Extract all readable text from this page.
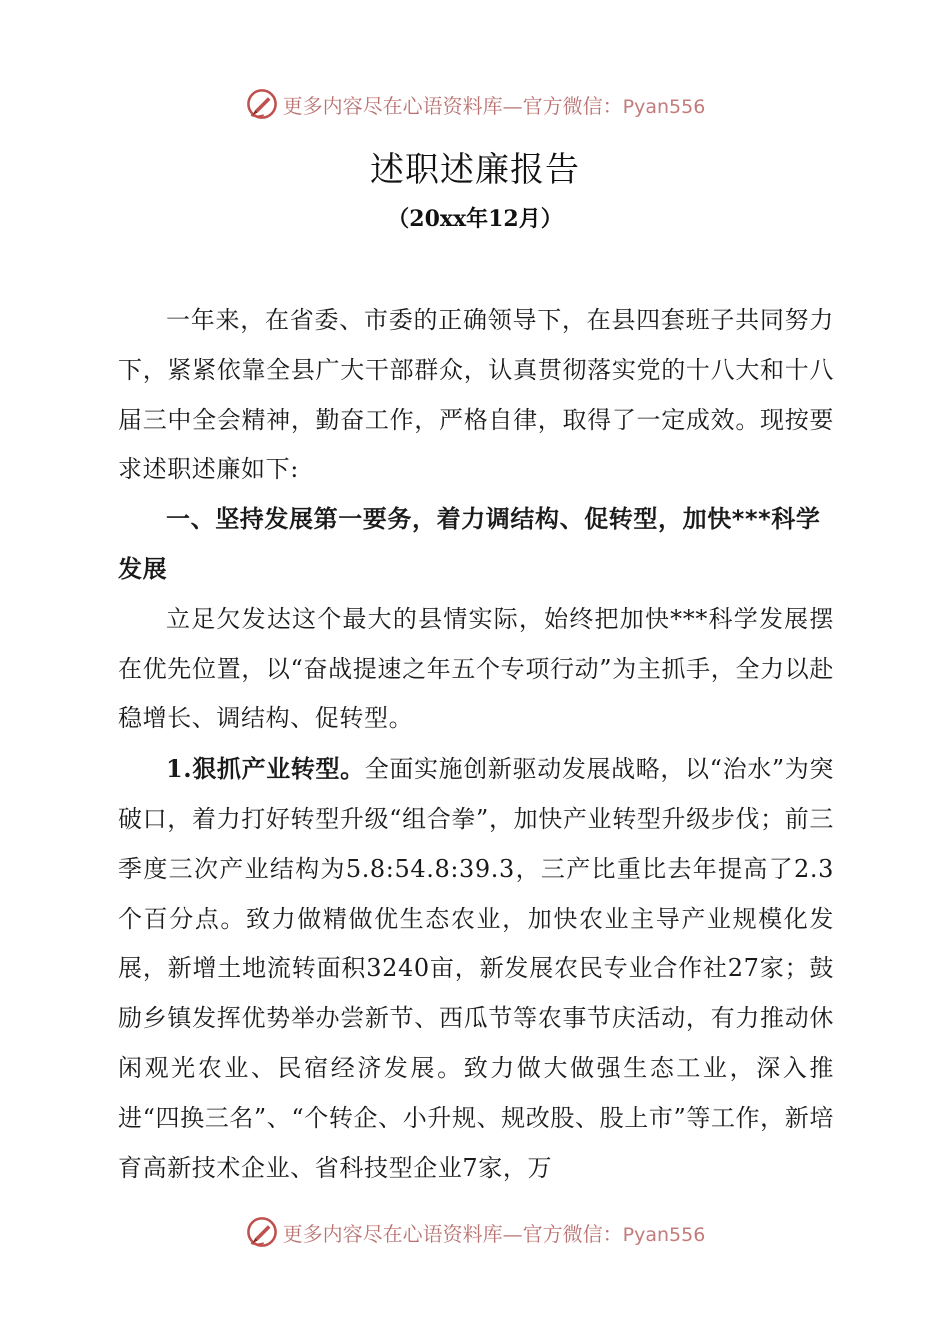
更多内容尽在心语资料库—官方微信：Pyan556
述职述廉报告
（20xx年12月）

一年来，在省委、市委的正确领导下，在县四套班子共同努力下，紧紧依靠全县广大干部群众，认真贯彻落实党的十八大和十八届三中全会精神，勤奋工作，严格自律，取得了一定成效。现按要求述职述廉如下:

一、坚持发展第一要务，着力调结构、促转型，加快***科学发展

立足欠发达这个最大的县情实际，始终把加快***科学发展摆在优先位置，以“奋战提速之年五个专项行动”为主抓手，全力以赴稳增长、调结构、促转型。

1.狠抓产业转型。全面实施创新驱动发展战略，以“治水”为突破口，着力打好转型升级“组合拳”，加快产业转型升级步伐；前三季度三次产业结构为5.8:54.8:39.3，三产比重比去年提高了2.3个百分点。致力做精做优生态农业，加快农业主导产业规模化发展，新增土地流转面积3240亩，新发展农民专业合作社27家；鼓励乡镇发挥优势举办尝新节、西瓜节等农事节庆活动，有力推动休闲观光农业、民宿经济发展。致力做大做强生态工业，深入推进“四换三名”、“个转企、小升规、规改股、股上市”等工作，新培育高新技术企业、省科技型企业7家，万

更多内容尽在心语资料库—官方微信：Pyan556
